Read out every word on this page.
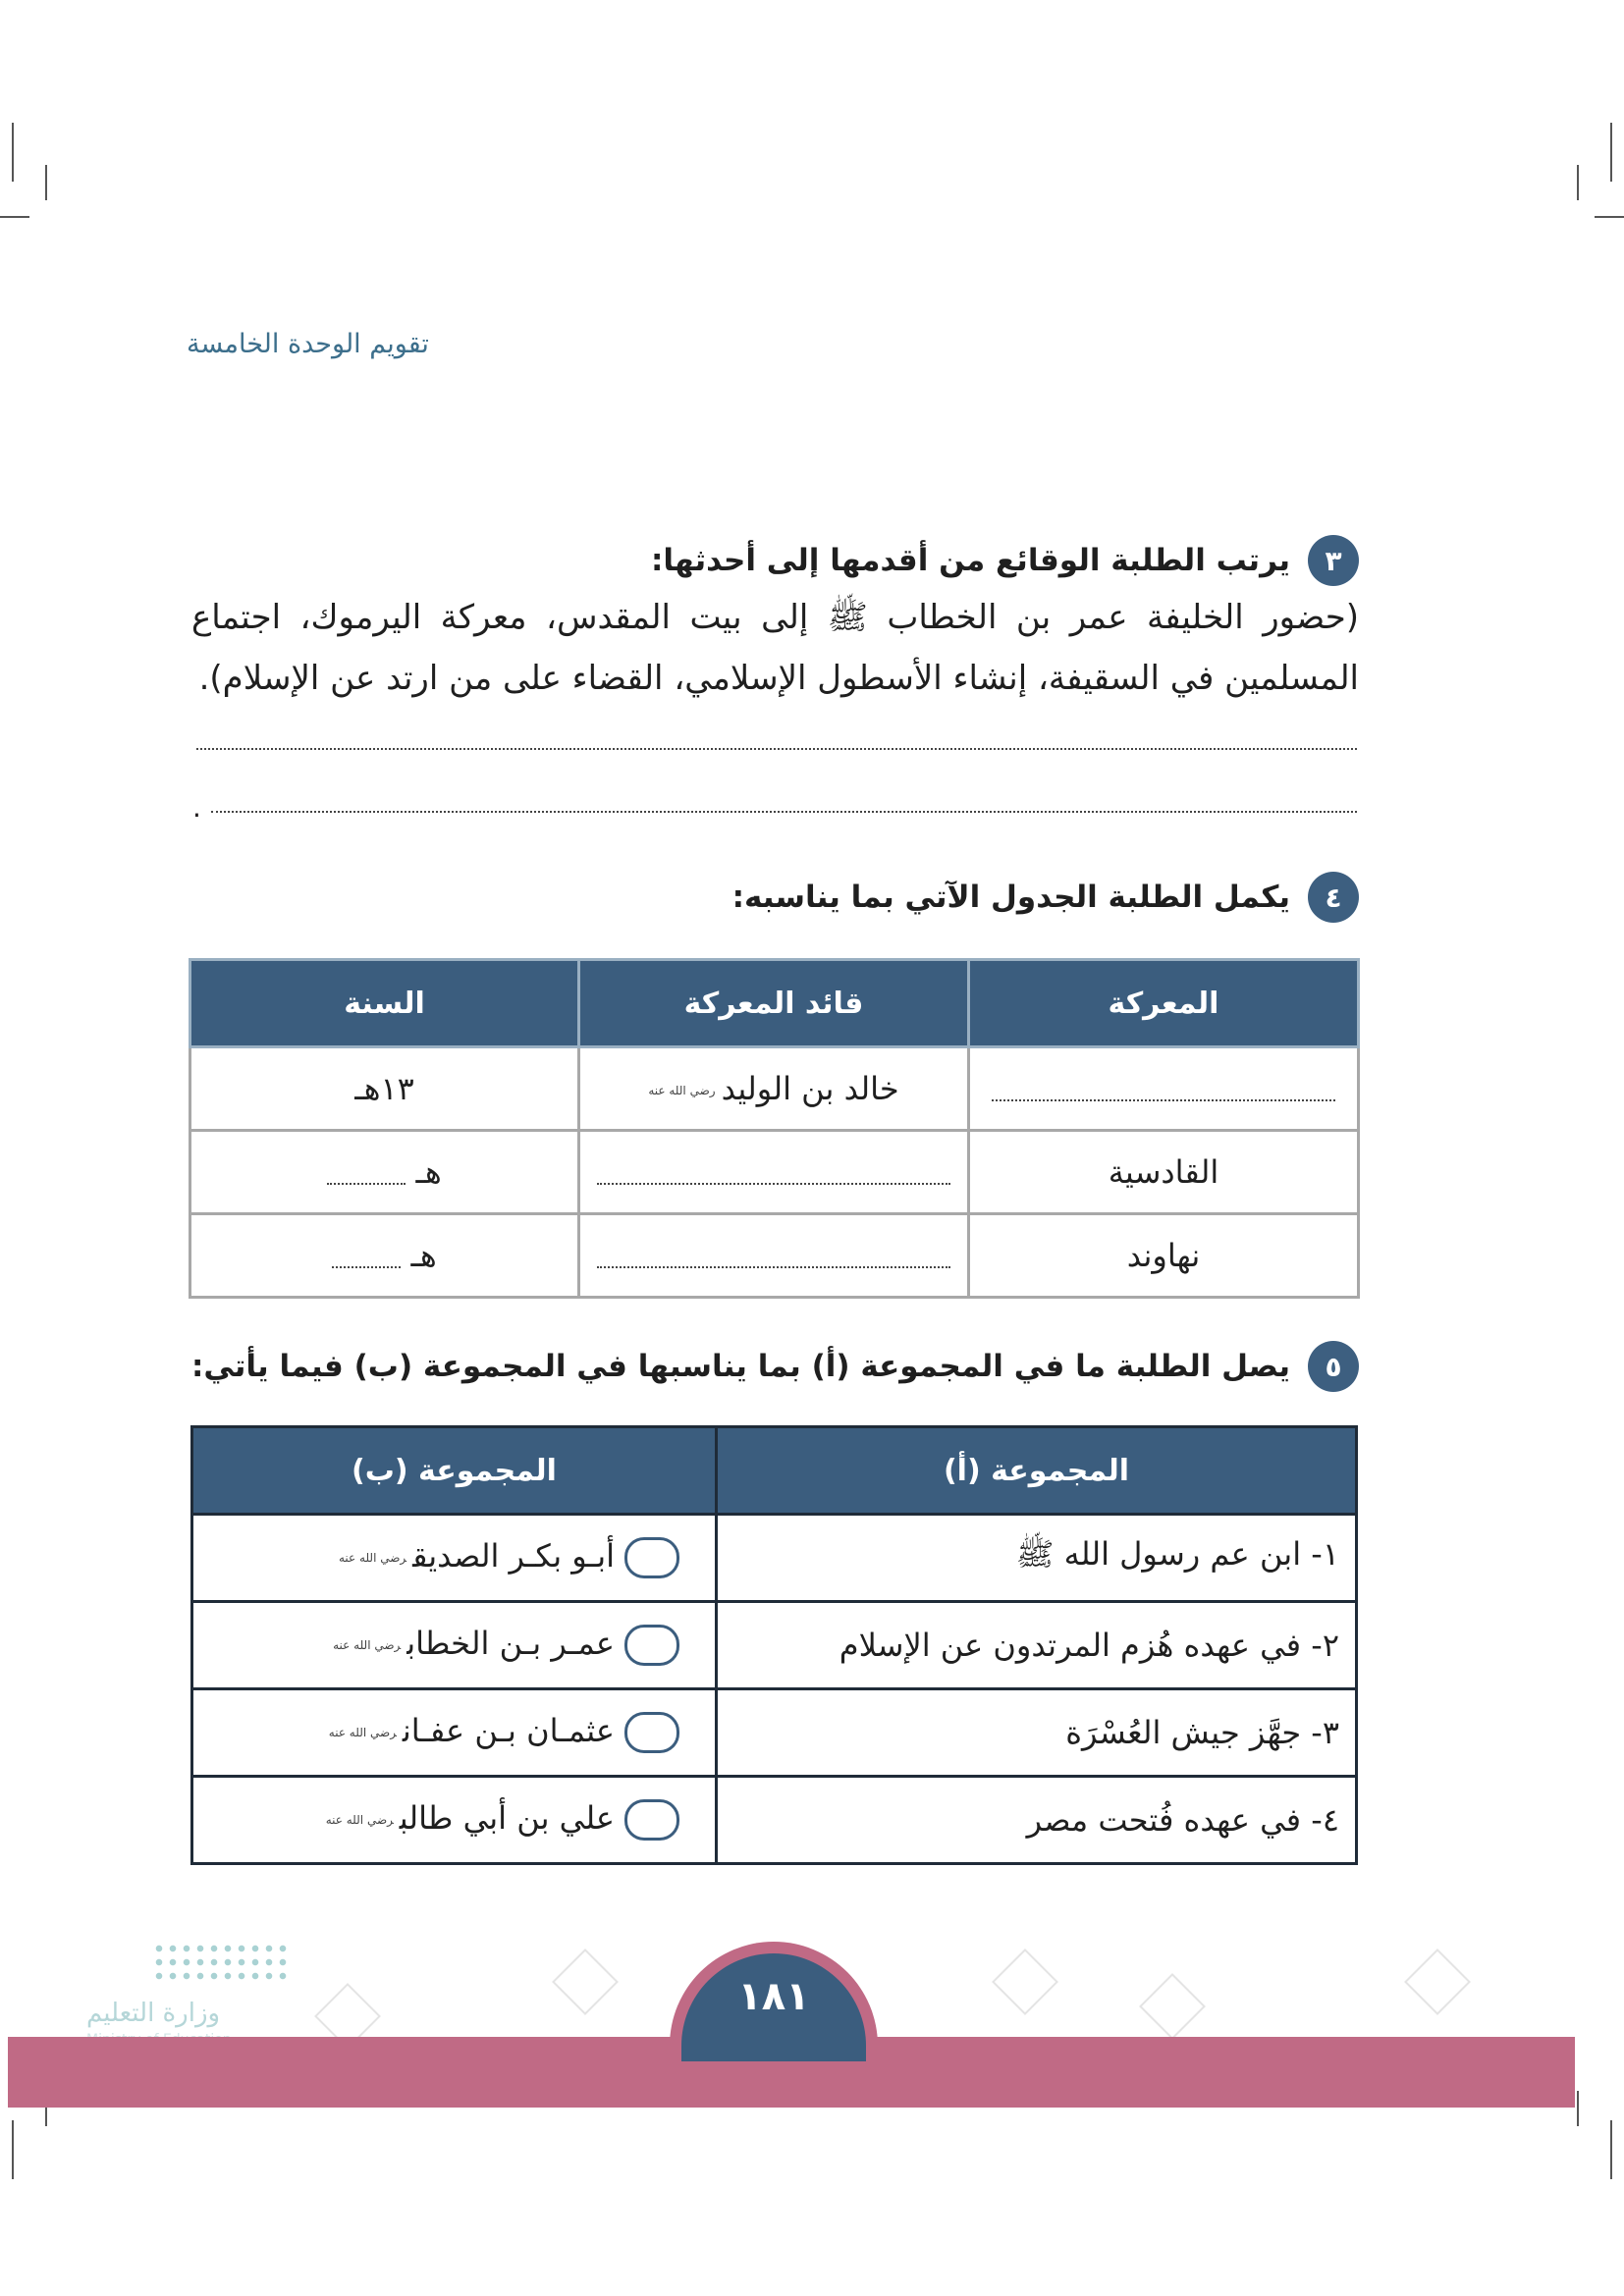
تقويم الوحدة الخامسة
٣
يرتب الطلبة الوقائع من أقدمها إلى أحدثها:
(حضور الخليفة عمر بن الخطاب ﷺ إلى بيت المقدس، معركة اليرموك، اجتماع المسلمين في السقيفة، إنشاء الأسطول الإسلامي، القضاء على من ارتد عن الإسلام).
.
٤
يكمل الطلبة الجدول الآتي بما يناسبه:
المعركة	قائد المعركة	السنة
	خالد بن الوليدرضي الله عنه	١٣هـ
القادسية		هـ
نهاوند		هـ
٥
يصل الطلبة ما في المجموعة (أ) بما يناسبها في المجموعة (ب) فيما يأتي:
المجموعة (أ)	المجموعة (ب)
١- ابن عم رسول الله ﷺ	أبـو بكـر الصديقرضي الله عنه
٢- في عهده هُزم المرتدون عن الإسلام	عمـر بـن الخطابرضي الله عنه
٣- جهَّز جيش العُسْرَة	عثمـان بـن عفـانرضي الله عنه
٤- في عهده فُتحت مصر	علي بن أبي طالبرضي الله عنه
وزارة التعليم	١٨١
